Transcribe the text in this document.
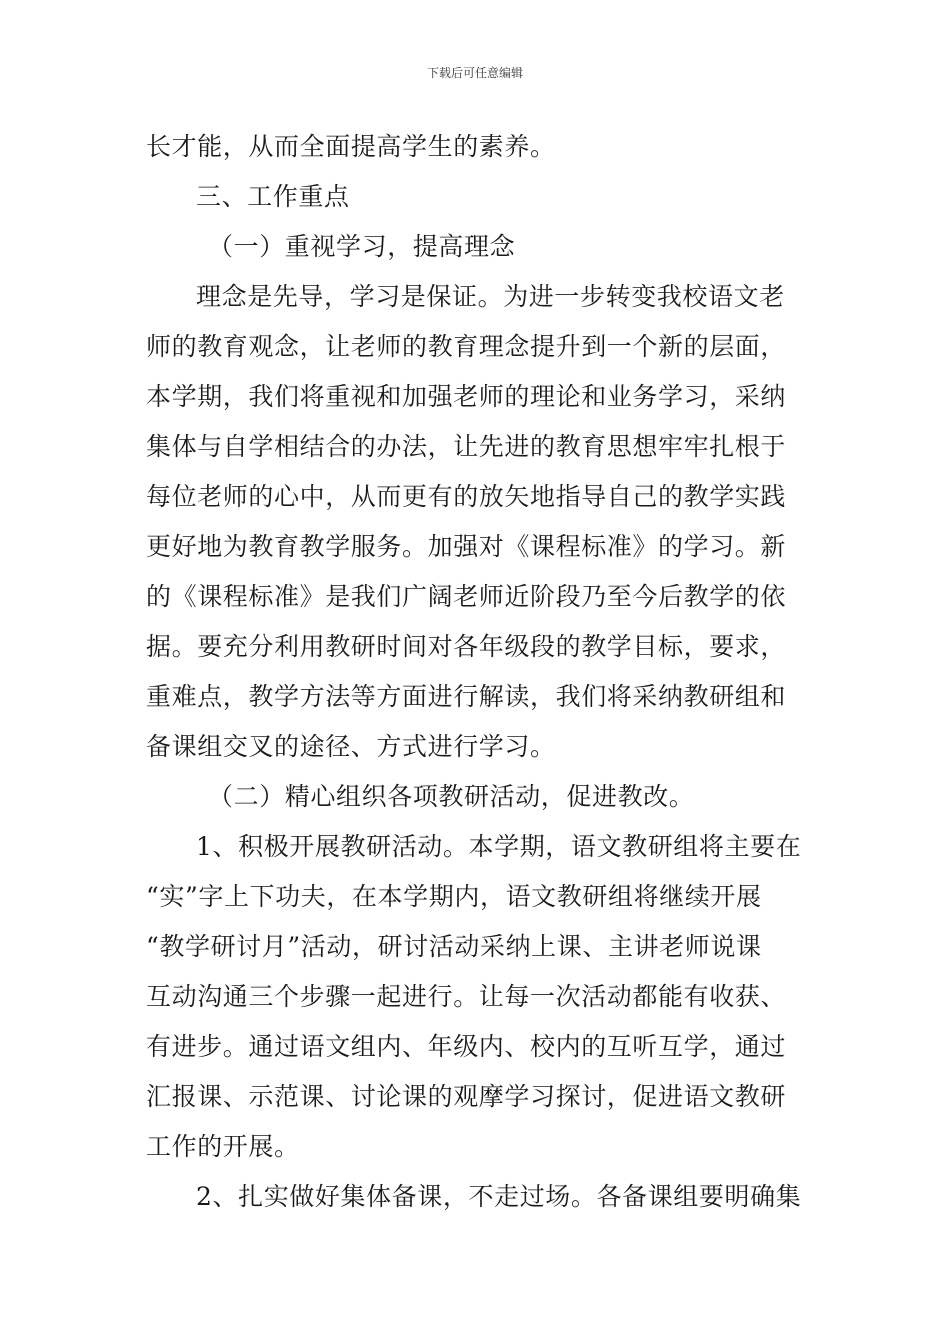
下载后可任意编辑
长才能，从而全面提高学生的素养。
三、工作重点
（一）重视学习，提高理念
理念是先导，学习是保证。为进一步转变我校语文老
师的教育观念，让老师的教育理念提升到一个新的层面，
本学期，我们将重视和加强老师的理论和业务学习，采纳
集体与自学相结合的办法，让先进的教育思想牢牢扎根于
每位老师的心中，从而更有的放矢地指导自己的教学实践
更好地为教育教学服务。加强对《课程标准》的学习。新
的《课程标准》是我们广阔老师近阶段乃至今后教学的依
据。要充分利用教研时间对各年级段的教学目标，要求，
重难点，教学方法等方面进行解读，我们将采纳教研组和
备课组交叉的途径、方式进行学习。
（二）精心组织各项教研活动，促进教改。
1、积极开展教研活动。本学期，语文教研组将主要在
“实”字上下功夫，在本学期内，语文教研组将继续开展
“教学研讨月”活动，研讨活动采纳上课、主讲老师说课
互动沟通三个步骤一起进行。让每一次活动都能有收获、
有进步。通过语文组内、年级内、校内的互听互学，通过
汇报课、示范课、讨论课的观摩学习探讨，促进语文教研
工作的开展。
2、扎实做好集体备课，不走过场。各备课组要明确集
